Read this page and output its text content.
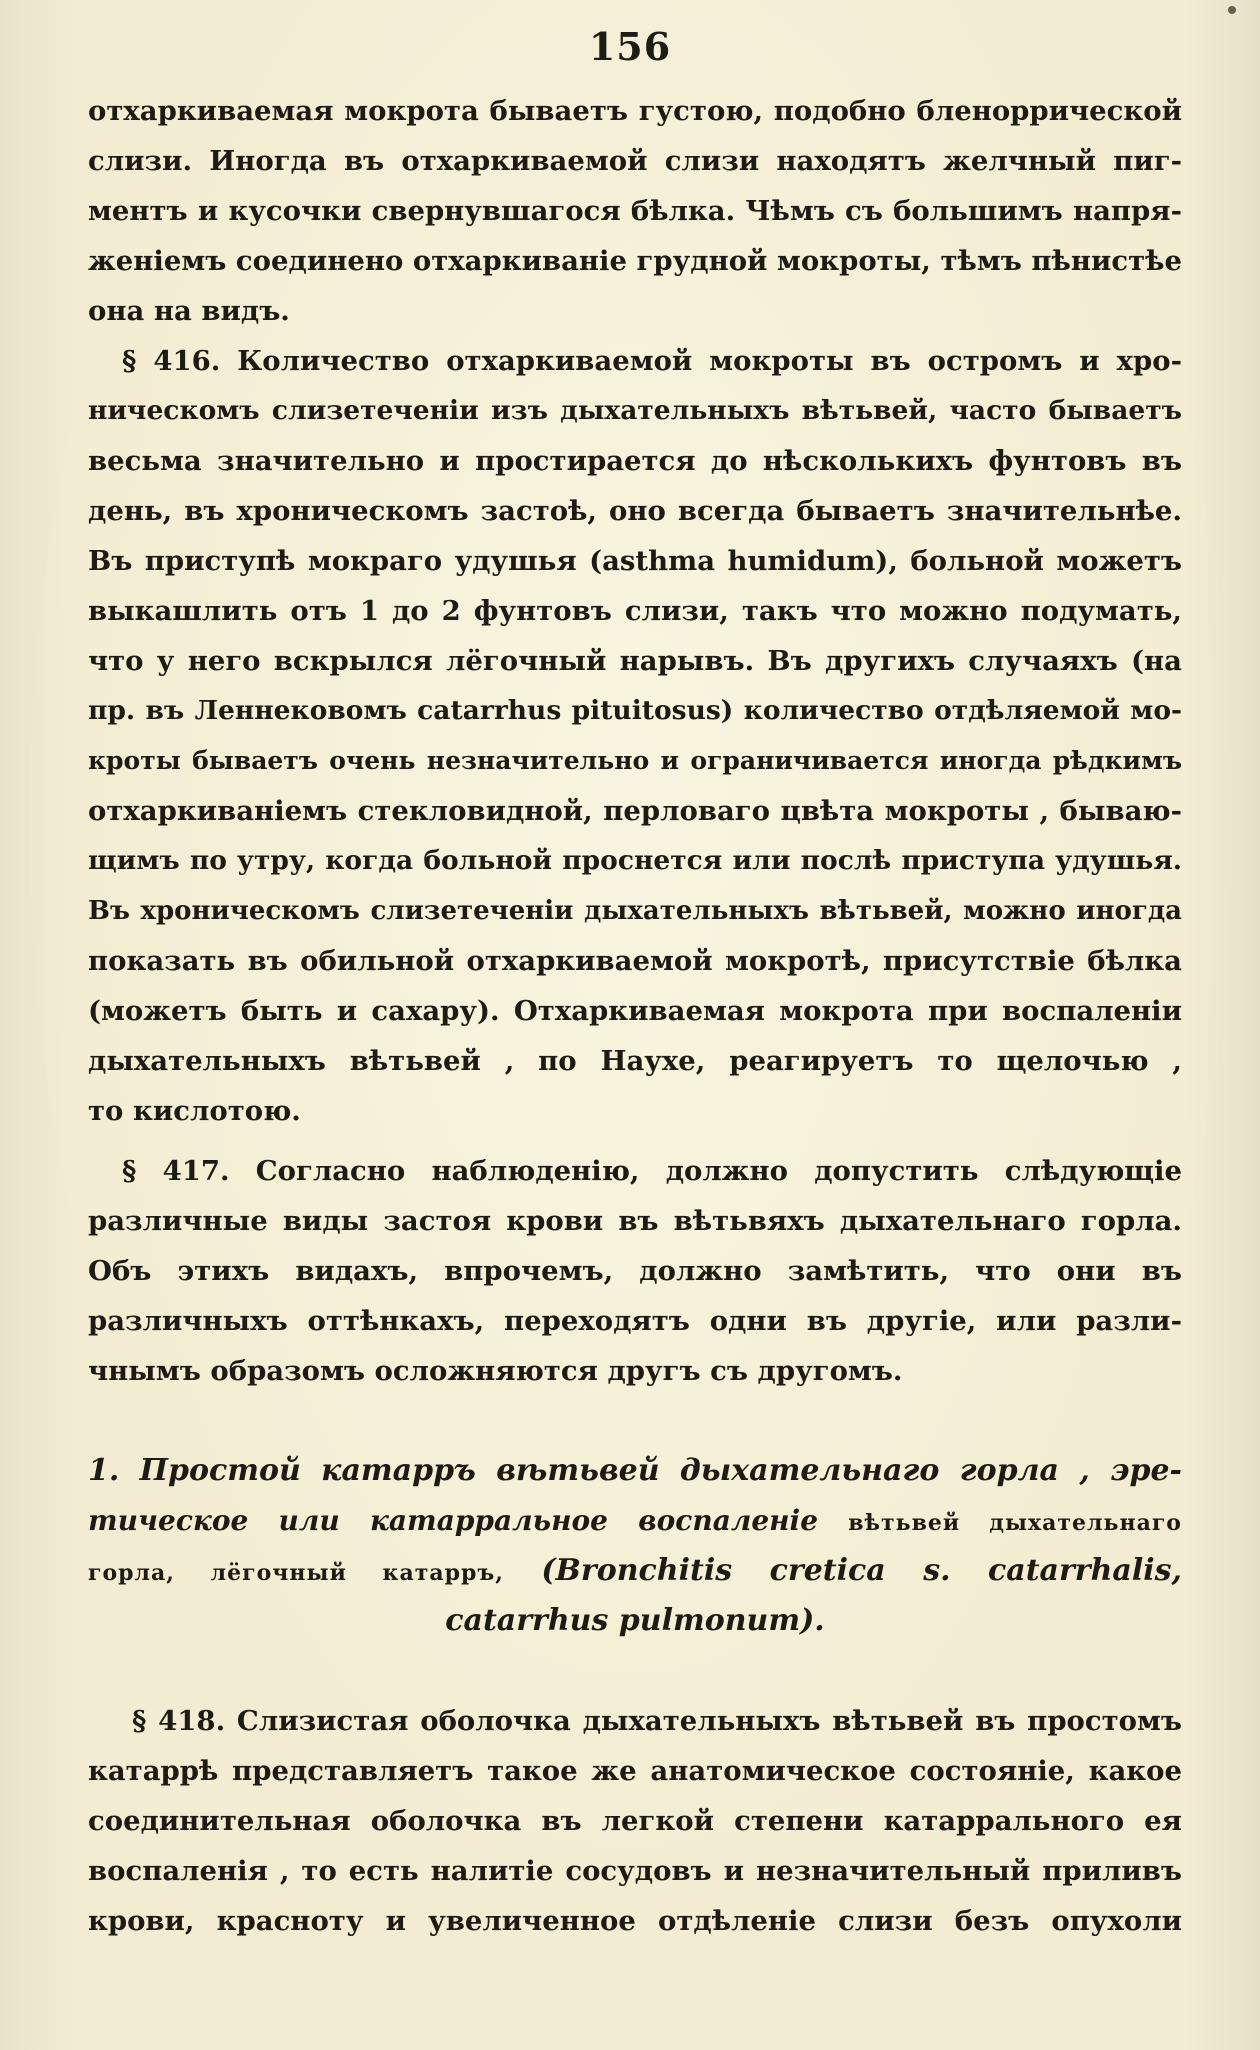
156
отхаркиваемая мокрота бываетъ густою, подобно бленоррической
слизи. Иногда въ отхаркиваемой слизи находятъ желчный пиг-
ментъ и кусочки свернувшагося бѣлка. Чѣмъ съ большимъ напря-
женiемъ соединено отхаркиванiе грудной мокроты, тѣмъ пѣнистѣе
она на видъ.
§ 416. Количество отхаркиваемой мокроты въ остромъ и хро-
ническомъ слизетеченiи изъ дыхательныхъ вѣтьвей, часто бываетъ
весьма значительно и простирается до нѣсколькихъ фунтовъ въ
день, въ хроническомъ застоѣ, оно всегда бываетъ значительнѣе.
Въ приступѣ мокраго удушья (asthma humidum), больной можетъ
выкашлить отъ 1 до 2 фунтовъ слизи, такъ что можно подумать,
что у него вскрылся лёгочный нарывъ. Въ другихъ случаяхъ (на
пр. въ Леннековомъ catarrhus pituitosus) количество отдѣляемой мо-
кроты бываетъ очень незначительно и ограничивается иногда рѣдкимъ
отхаркиванiемъ стекловидной, перловаго цвѣта мокроты , бываю-
щимъ по утру, когда больной проснется или послѣ приступа удушья.
Въ хроническомъ слизетеченiи дыхательныхъ вѣтьвей, можно иногда
показать въ обильной отхаркиваемой мокротѣ, присутствiе бѣлка
(можетъ быть и сахару). Отхаркиваемая мокрота при воспаленiи
дыхательныхъ вѣтьвей , по Наухе, реагируетъ то щелочью ,
то кислотою.
§ 417. Согласно наблюденiю, должно допустить слѣдующiе
различные виды застоя крови въ вѣтьвяхъ дыхательнаго горла.
Объ этихъ видахъ, впрочемъ, должно замѣтить, что они въ
различныхъ оттѣнкахъ, переходятъ одни въ другiе, или разли-
чнымъ образомъ осложняются другъ съ другомъ.
1. Простой катарръ вѣтьвей дыхательнаго горла , эре-
тическое или катарральное воспаленiе вѣтьвей дыхательнаго
горла, лёгочный катарръ, (Bronchitis cretica s. catarrhalis,
catarrhus pulmonum).
§ 418. Слизистая оболочка дыхательныхъ вѣтьвей въ простомъ
катаррѣ представляетъ такое же анатомическое состоянiе, какое
соединительная оболочка въ легкой степени катаррального ея
воспаленiя , то есть налитiе сосудовъ и незначительный приливъ
крови, красноту и увеличенное отдѣленiе слизи безъ опухоли
